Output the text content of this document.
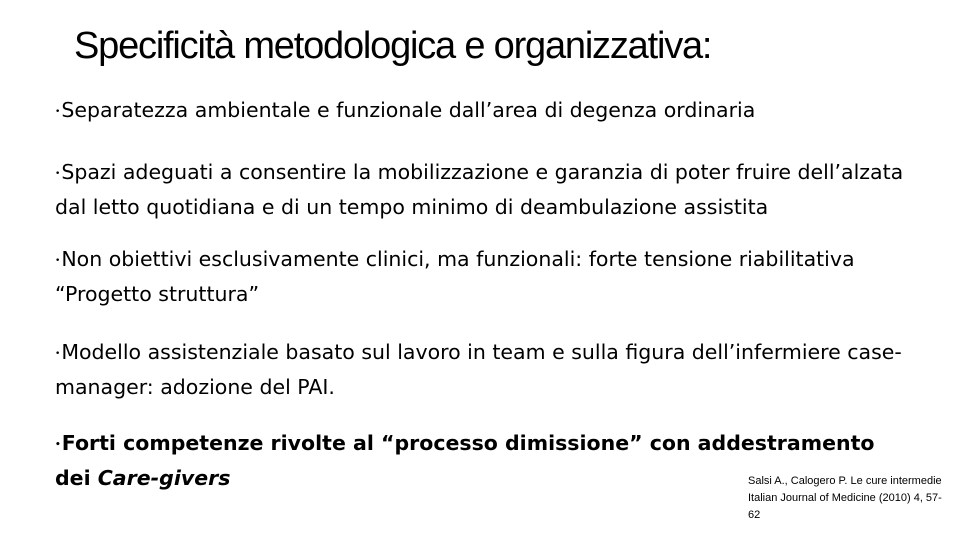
Specificità metodologica e organizzativa:
•Separatezza ambientale e funzionale dall’area di degenza ordinaria
•Spazi adeguati a consentire la mobilizzazione e garanzia di poter fruire dell’alzata dal letto quotidiana e di un tempo minimo di deambulazione assistita
•Non obiettivi esclusivamente clinici, ma funzionali: forte tensione riabilitativa “Progetto struttura”
•Modello assistenziale basato sul lavoro in team e sulla figura dell’infermiere case-manager: adozione del PAI.
•Forti competenze rivolte al “processo dimissione” con addestramento dei Care-givers	Salsi A., Calogero P. Le cure intermedie Italian Journal of Medicine (2010) 4, 57-62
